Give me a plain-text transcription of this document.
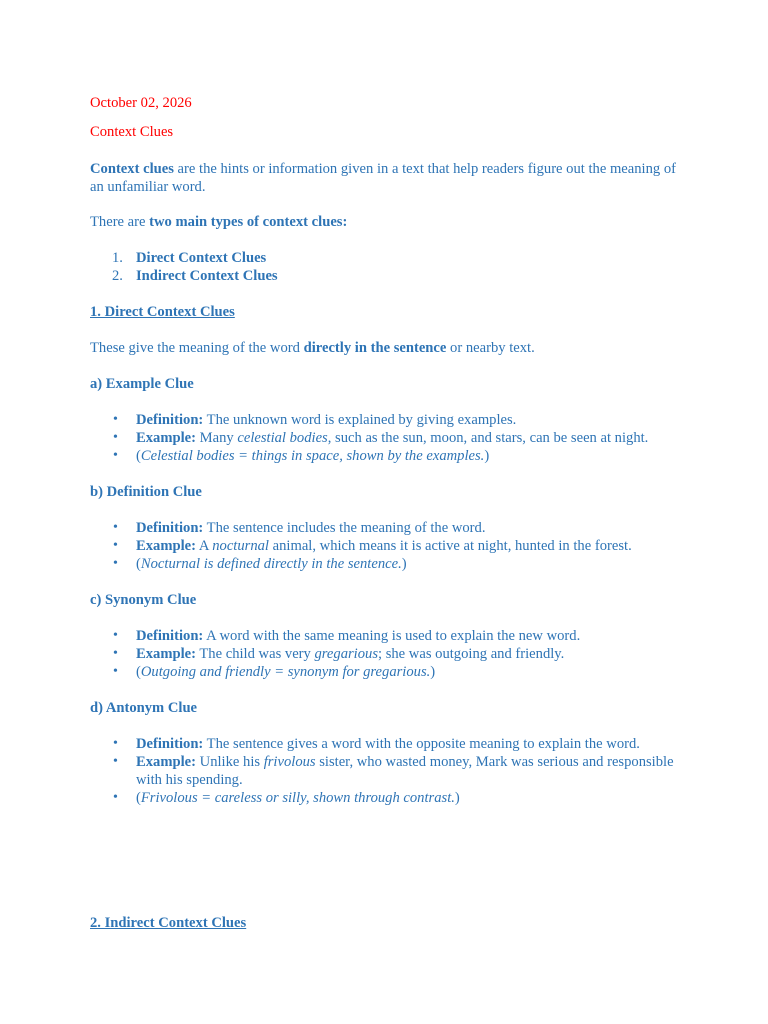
October 02, 2026

Context Clues

Context clues are the hints or information given in a text that help readers figure out the meaning of an unfamiliar word.

There are two main types of context clues:

1. Direct Context Clues
2. Indirect Context Clues

1. Direct Context Clues

These give the meaning of the word directly in the sentence or nearby text.

a) Example Clue

• Definition: The unknown word is explained by giving examples.
• Example: Many celestial bodies, such as the sun, moon, and stars, can be seen at night.
• (Celestial bodies = things in space, shown by the examples.)

b) Definition Clue

• Definition: The sentence includes the meaning of the word.
• Example: A nocturnal animal, which means it is active at night, hunted in the forest.
• (Nocturnal is defined directly in the sentence.)

c) Synonym Clue

• Definition: A word with the same meaning is used to explain the new word.
• Example: The child was very gregarious; she was outgoing and friendly.
• (Outgoing and friendly = synonym for gregarious.)

d) Antonym Clue

• Definition: The sentence gives a word with the opposite meaning to explain the word.
• Example: Unlike his frivolous sister, who wasted money, Mark was serious and responsible with his spending.
• (Frivolous = careless or silly, shown through contrast.)

2. Indirect Context Clues
